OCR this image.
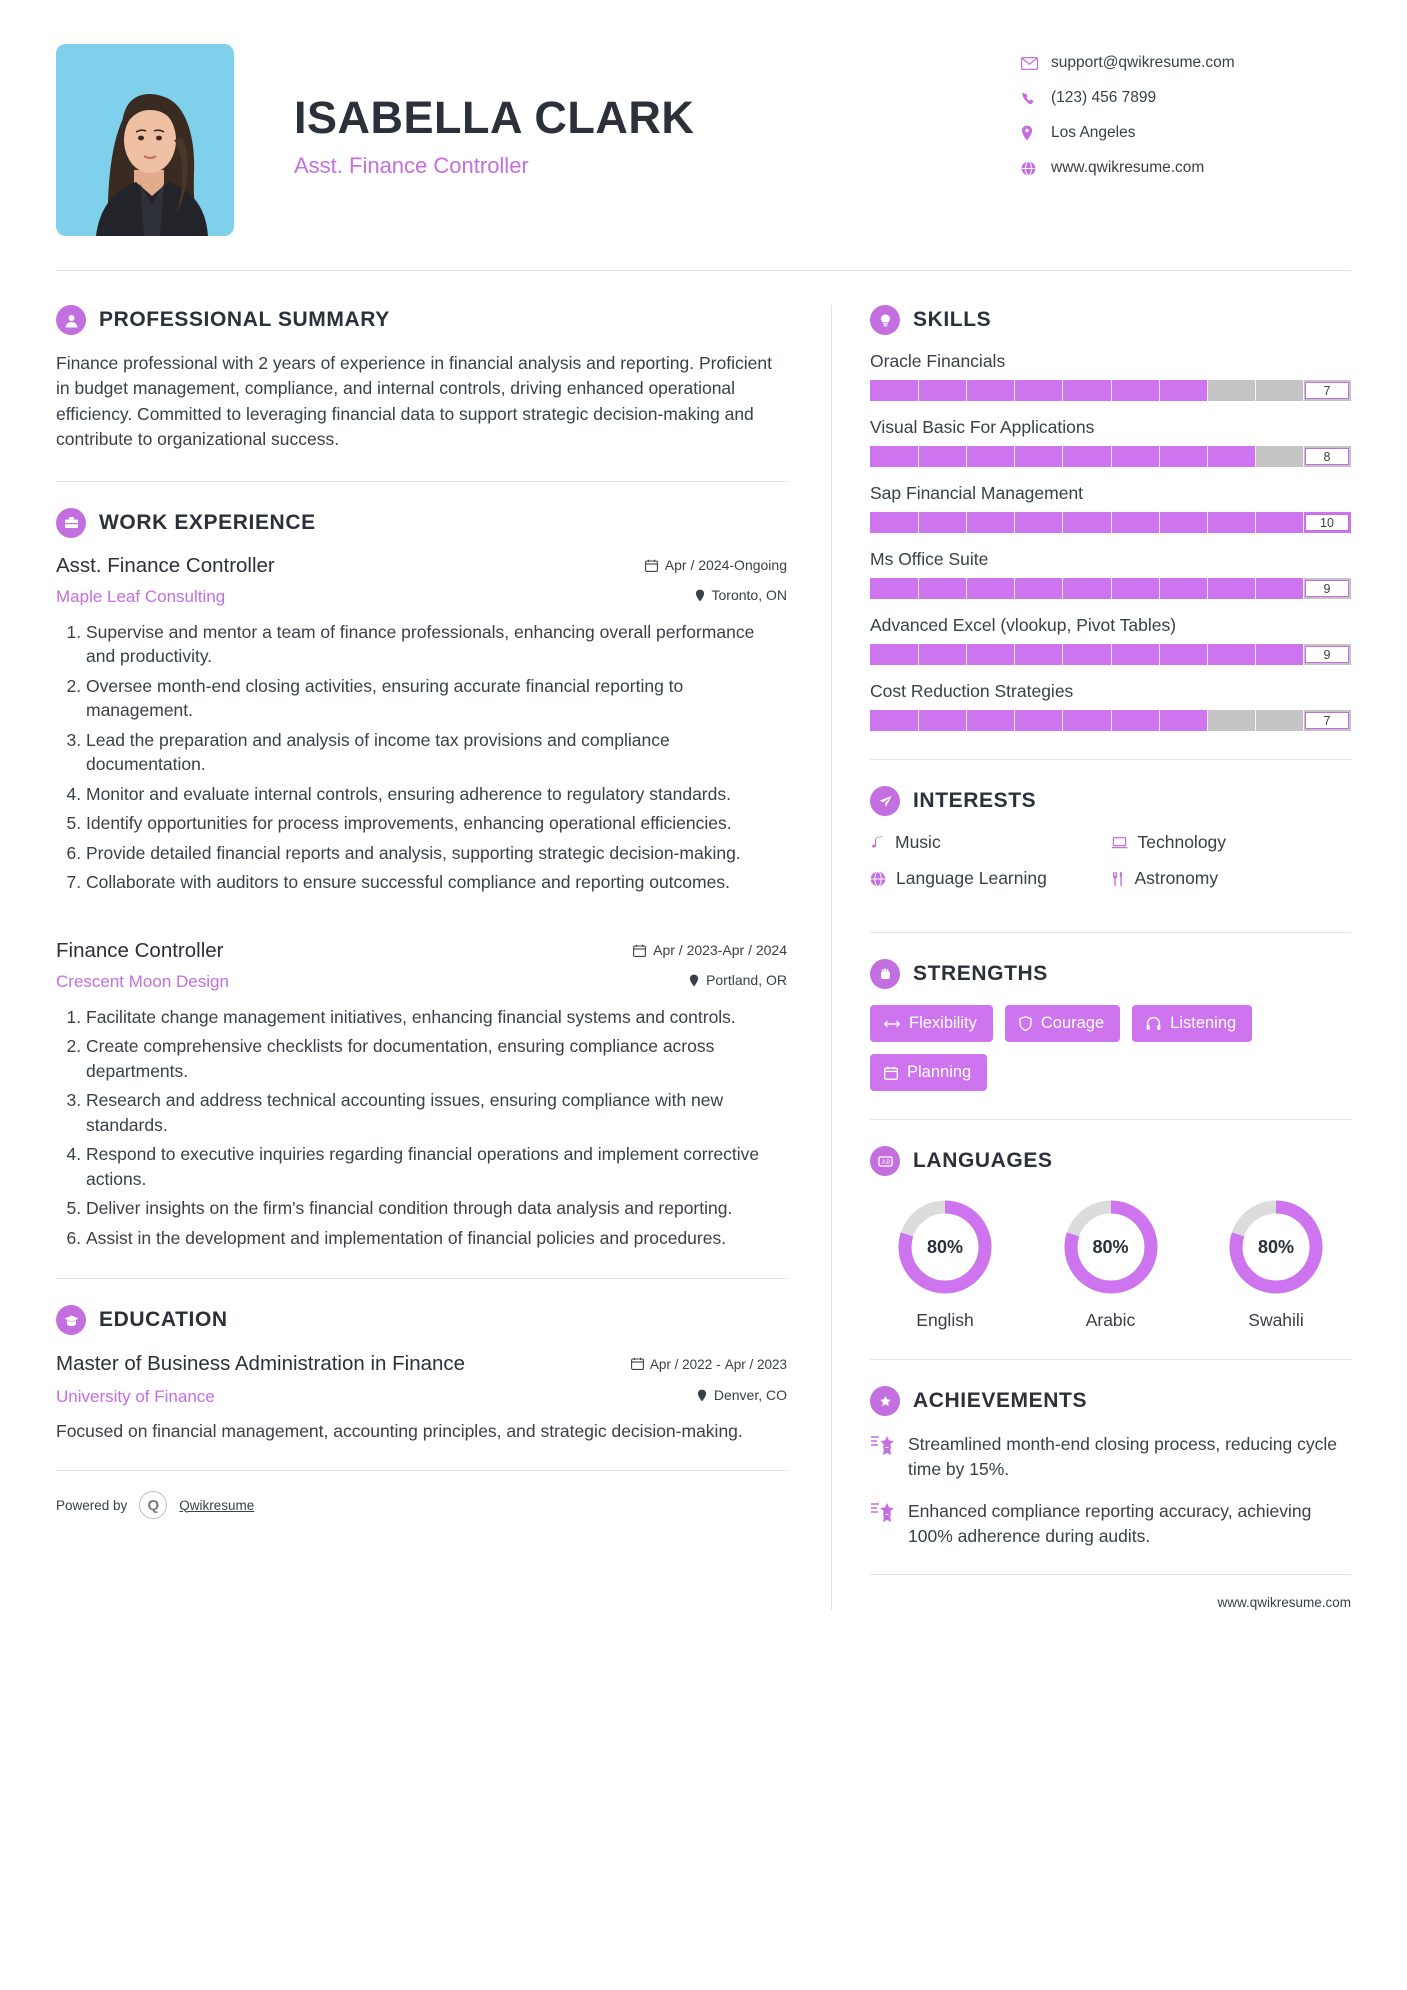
ISABELLA CLARK
Asst. Finance Controller
support@qwikresume.com
(123) 456 7899
Los Angeles
www.qwikresume.com
PROFESSIONAL SUMMARY
Finance professional with 2 years of experience in financial analysis and reporting. Proficient in budget management, compliance, and internal controls, driving enhanced operational efficiency. Committed to leveraging financial data to support strategic decision-making and contribute to organizational success.
WORK EXPERIENCE
Asst. Finance Controller	Apr / 2024-Ongoing
Maple Leaf Consulting	Toronto, ON
1. Supervise and mentor a team of finance professionals, enhancing overall performance and productivity.
2. Oversee month-end closing activities, ensuring accurate financial reporting to management.
3. Lead the preparation and analysis of income tax provisions and compliance documentation.
4. Monitor and evaluate internal controls, ensuring adherence to regulatory standards.
5. Identify opportunities for process improvements, enhancing operational efficiencies.
6. Provide detailed financial reports and analysis, supporting strategic decision-making.
7. Collaborate with auditors to ensure successful compliance and reporting outcomes.
Finance Controller	Apr / 2023-Apr / 2024
Crescent Moon Design	Portland, OR
1. Facilitate change management initiatives, enhancing financial systems and controls.
2. Create comprehensive checklists for documentation, ensuring compliance across departments.
3. Research and address technical accounting issues, ensuring compliance with new standards.
4. Respond to executive inquiries regarding financial operations and implement corrective actions.
5. Deliver insights on the firm's financial condition through data analysis and reporting.
6. Assist in the development and implementation of financial policies and procedures.
EDUCATION
Master of Business Administration in Finance	Apr / 2022 - Apr / 2023
University of Finance	Denver, CO
Focused on financial management, accounting principles, and strategic decision-making.
Powered by	Q	Qwikresume
SKILLS
Oracle Financials
7
Visual Basic For Applications
8
Sap Financial Management
10
Ms Office Suite
9
Advanced Excel (vlookup, Pivot Tables)
9
Cost Reduction Strategies
7
INTERESTS
Music	Technology
Language Learning	Astronomy
STRENGTHS
Flexibility	Courage	Listening
Planning
A B LANGUAGES
80%
English
80%
Arabic
80%
Swahili
ACHIEVEMENTS
Streamlined month-end closing process, reducing cycle time by 15%.
Enhanced compliance reporting accuracy, achieving 100% adherence during audits.
www.qwikresume.com
